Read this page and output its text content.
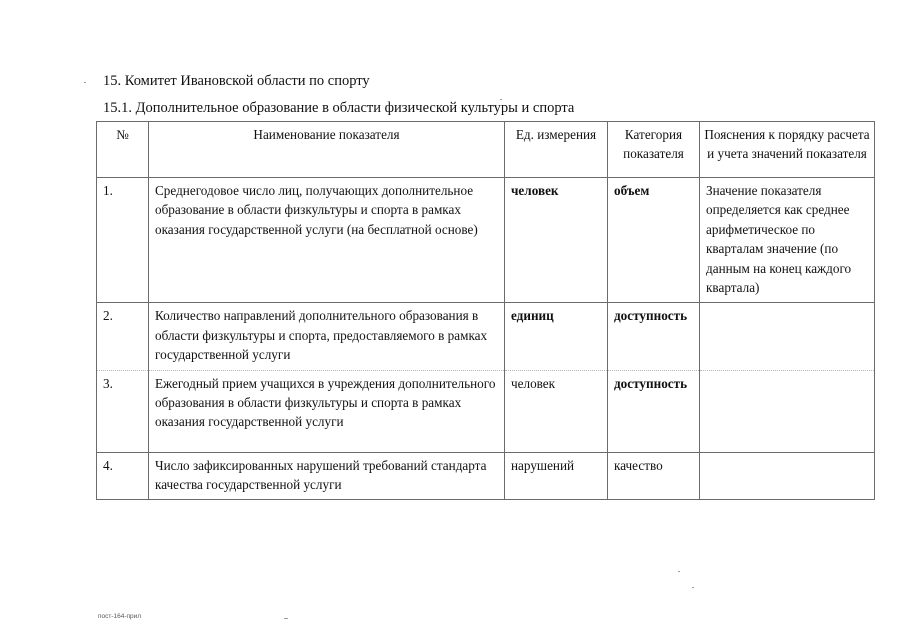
15. Комитет Ивановской области по спорту
15.1. Дополнительное образование в области физической культуры и спорта
№	Наименование показателя	Ед. измерения	Категория показателя	Пояснения к порядку расчета и учета значений показателя
1.	Среднегодовое число лиц, получающих дополнительное образование в области физкультуры и спорта в рамках оказания государственной услуги (на бесплатной основе)	человек	объем	Значение показателя определяется как среднее арифметическое по кварталам значение (по данным на конец каждого квартала)
2.	Количество направлений дополнительного образования в области физкультуры и спорта, предоставляемого в рамках государственной услуги	единиц	доступность	
3.	Ежегодный прием учащихся в учреждения дополнительного образования в области физкультуры и спорта в рамках оказания государственной услуги	человек	доступность	
4.	Число зафиксированных нарушений требований стандарта качества государственной услуги	нарушений	качество	
пост-164-прил
